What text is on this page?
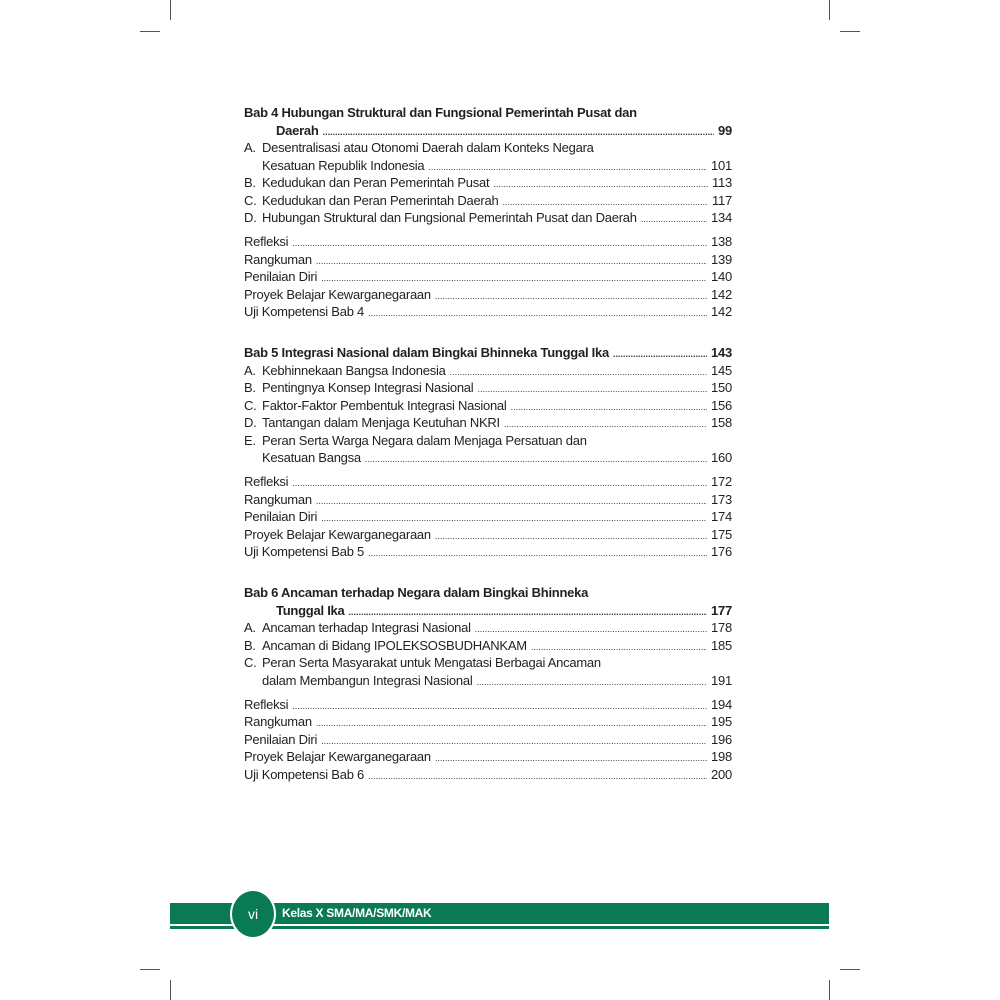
Bab 4 Hubungan Struktural dan Fungsional Pemerintah Pusat dan
Daerah .....	99
A. Desentralisasi atau Otonomi Daerah dalam Konteks Negara
Kesatuan Republik Indonesia .....	101
B. Kedudukan dan Peran Pemerintah Pusat .....	113
C. Kedudukan dan Peran Pemerintah Daerah .....	117
D. Hubungan Struktural dan Fungsional Pemerintah Pusat dan Daerah .....	134
Refleksi .....	138
Rangkuman .....	139
Penilaian Diri .....	140
Proyek Belajar Kewarganegaraan .....	142
Uji Kompetensi Bab 4 .....	142
Bab 5 Integrasi Nasional dalam Bingkai Bhinneka Tunggal Ika .....	143
A. Kebhinnekaan Bangsa Indonesia .....	145
B. Pentingnya Konsep Integrasi Nasional .....	150
C. Faktor-Faktor Pembentuk Integrasi Nasional .....	156
D. Tantangan dalam Menjaga Keutuhan NKRI .....	158
E. Peran Serta Warga Negara dalam Menjaga Persatuan dan
Kesatuan Bangsa .....	160
Refleksi .....	172
Rangkuman .....	173
Penilaian Diri .....	174
Proyek Belajar Kewarganegaraan .....	175
Uji Kompetensi Bab 5 .....	176
Bab 6 Ancaman terhadap Negara dalam Bingkai Bhinneka
Tunggal Ika .....	177
A. Ancaman terhadap Integrasi Nasional .....	178
B. Ancaman di Bidang IPOLEKSOSBUDHANKAM .....	185
C. Peran Serta Masyarakat untuk Mengatasi Berbagai Ancaman
dalam Membangun Integrasi Nasional .....	191
Refleksi .....	194
Rangkuman .....	195
Penilaian Diri .....	196
Proyek Belajar Kewarganegaraan .....	198
Uji Kompetensi Bab 6 .....	200
vi Kelas X SMA/MA/SMK/MAK
